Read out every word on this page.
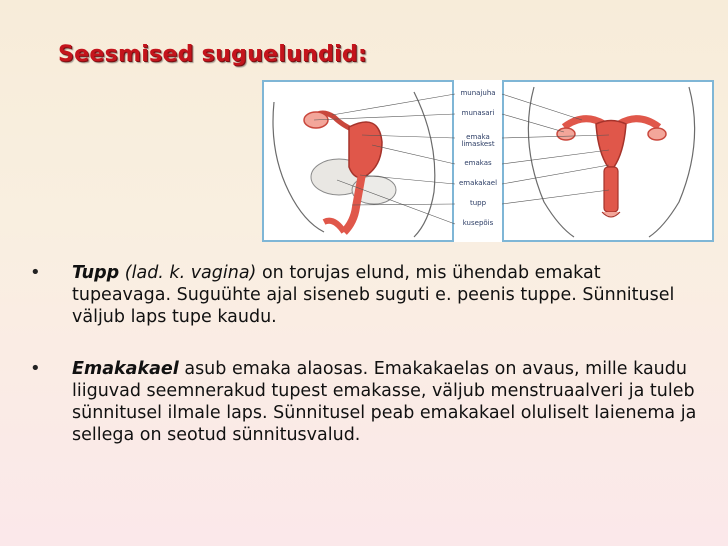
Seesmised suguelundid:
munajuha
munasari
emaka limaskest
emakas
emakakael
tupp
kusepõis
• Tupp (lad. k. vagina) on torujas elund, mis ühendab emakat tupeavaga. Suguühte ajal siseneb suguti e. peenis tuppe. Sünnitusel väljub laps tupe kaudu.

• Emakakael asub emaka alaosas. Emakakaelas on avaus, mille kaudu liiguvad seemnerakud tupest emakasse, väljub menstruaalveri ja tuleb sünnitusel ilmale laps. Sünnitusel peab emakakael oluliselt laienema ja sellega on seotud sünnitusvalud.
